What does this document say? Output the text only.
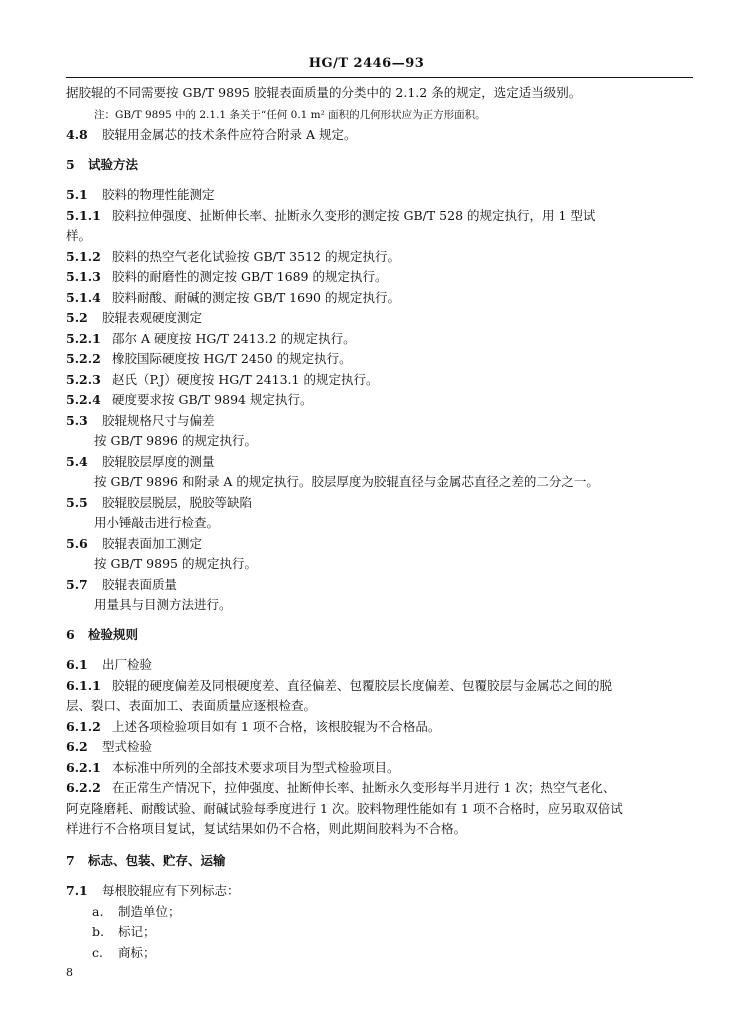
HG/T 2446—93
据胶辊的不同需要按 GB/T 9895 胶辊表面质量的分类中的 2.1.2 条的规定，选定适当级别。
注：GB/T 9895 中的 2.1.1 条关于“任何 0.1 m² 面积的几何形状应为正方形面积。
4.8 胶辊用金属芯的技术条件应符合附录 A 规定。
5 试验方法
5.1 胶料的物理性能测定
5.1.1 胶料拉伸强度、扯断伸长率、扯断永久变形的测定按 GB/T 528 的规定执行，用 1 型试
样。
5.1.2 胶料的热空气老化试验按 GB/T 3512 的规定执行。
5.1.3 胶料的耐磨性的测定按 GB/T 1689 的规定执行。
5.1.4 胶料耐酸、耐碱的测定按 GB/T 1690 的规定执行。
5.2 胶辊表观硬度测定
5.2.1 邵尔 A 硬度按 HG/T 2413.2 的规定执行。
5.2.2 橡胶国际硬度按 HG/T 2450 的规定执行。
5.2.3 赵氏（P.J）硬度按 HG/T 2413.1 的规定执行。
5.2.4 硬度要求按 GB/T 9894 规定执行。
5.3 胶辊规格尺寸与偏差
按 GB/T 9896 的规定执行。
5.4 胶辊胶层厚度的测量
按 GB/T 9896 和附录 A 的规定执行。胶层厚度为胶辊直径与金属芯直径之差的二分之一。
5.5 胶辊胶层脱层，脱胶等缺陷
用小锤敲击进行检查。
5.6 胶辊表面加工测定
按 GB/T 9895 的规定执行。
5.7 胶辊表面质量
用量具与目测方法进行。
6 检验规则
6.1 出厂检验
6.1.1 胶辊的硬度偏差及同根硬度差、直径偏差、包覆胶层长度偏差、包覆胶层与金属芯之间的脱
层、裂口、表面加工、表面质量应逐根检查。
6.1.2 上述各项检验项目如有 1 项不合格，该根胶辊为不合格品。
6.2 型式检验
6.2.1 本标准中所列的全部技术要求项目为型式检验项目。
6.2.2 在正常生产情况下，拉伸强度、扯断伸长率、扯断永久变形每半月进行 1 次；热空气老化、
阿克隆磨耗、耐酸试验、耐碱试验每季度进行 1 次。胶料物理性能如有 1 项不合格时，应另取双倍试
样进行不合格项目复试，复试结果如仍不合格，则此期间胶料为不合格。
7 标志、包装、贮存、运输
7.1 每根胶辊应有下列标志：
a. 制造单位；
b. 标记；
c. 商标；
8
